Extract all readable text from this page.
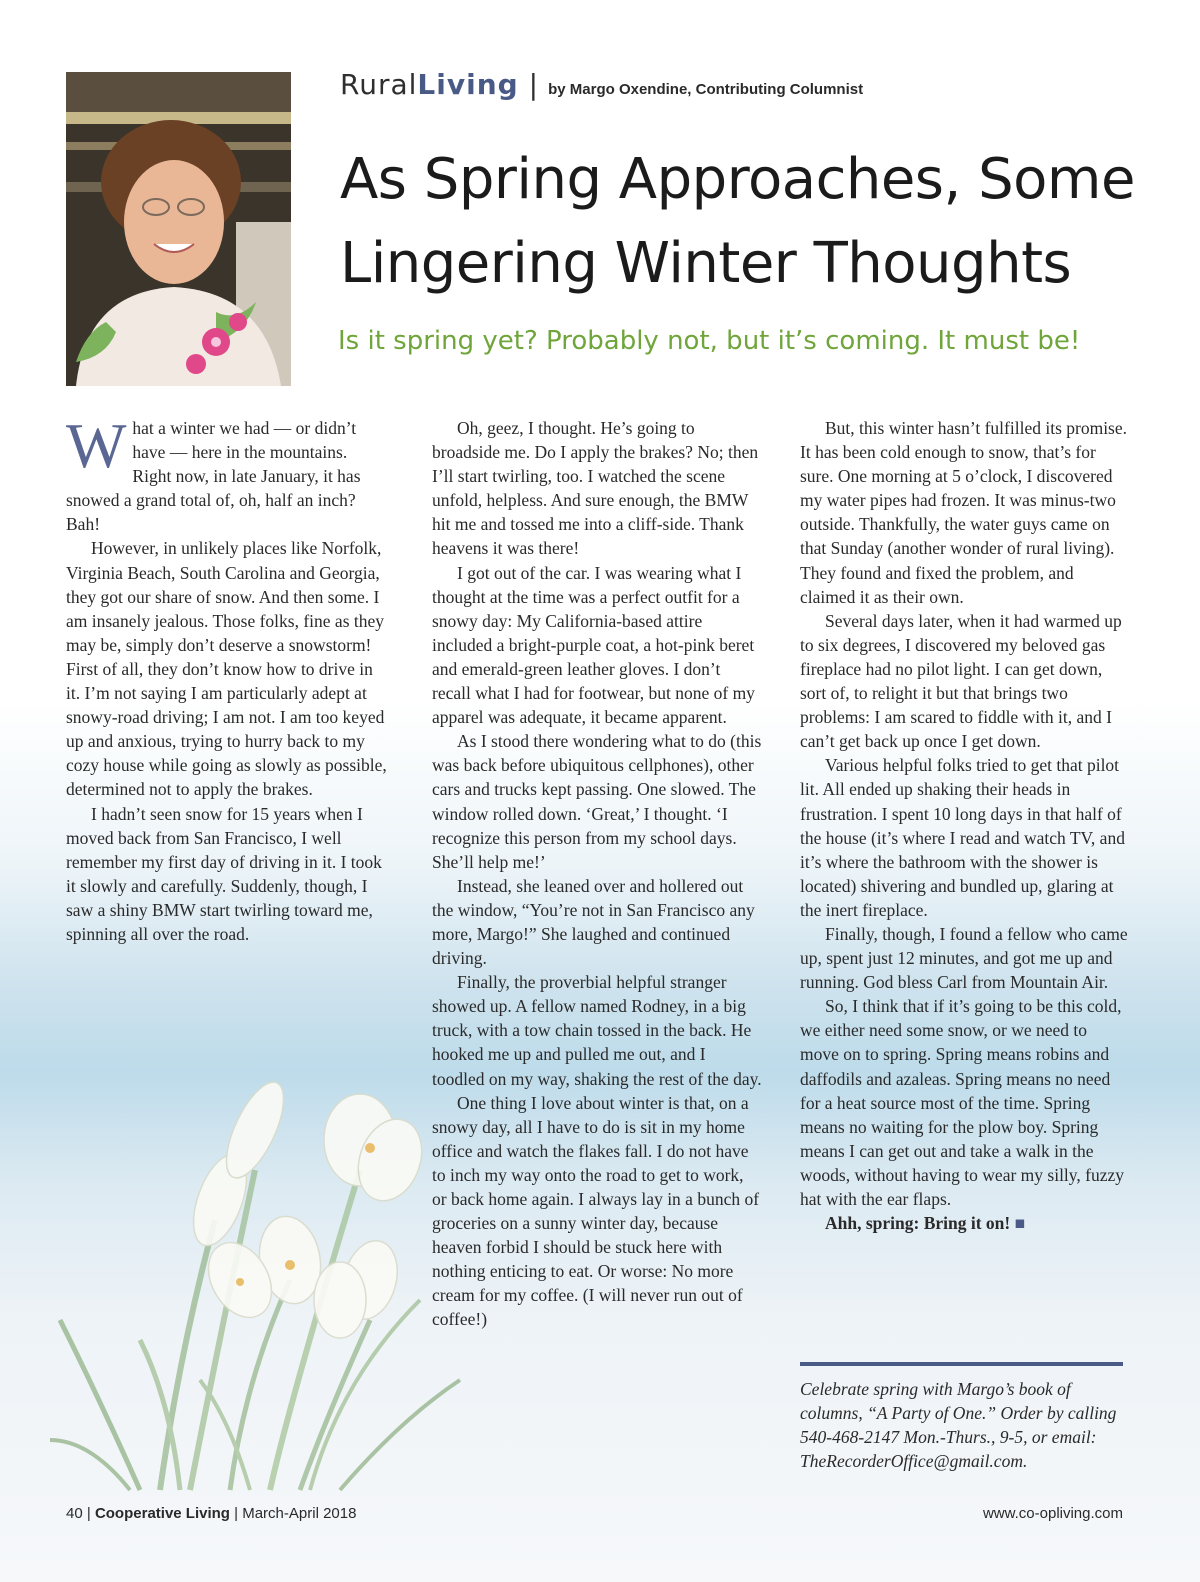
RuralLiving | by Margo Oxendine, Contributing Columnist
As Spring Approaches, Some Lingering Winter Thoughts

Is it spring yet? Probably not, but it’s coming. It must be!

What a winter we had — or didn’t have — here in the mountains. Right now, in late January, it has snowed a grand total of, oh, half an inch? Bah!

However, in unlikely places like Norfolk, Virginia Beach, South Carolina and Georgia, they got our share of snow. And then some. I am insanely jealous. Those folks, fine as they may be, simply don’t deserve a snowstorm! First of all, they don’t know how to drive in it. I’m not saying I am particularly adept at snowy-road driving; I am not. I am too keyed up and anxious, trying to hurry back to my cozy house while going as slowly as possible, determined not to apply the brakes.

I hadn’t seen snow for 15 years when I moved back from San Francisco, I well remember my first day of driving in it. I took it slowly and carefully. Suddenly, though, I saw a shiny BMW start twirling toward me, spinning all over the road.

Oh, geez, I thought. He’s going to broadside me. Do I apply the brakes? No; then I’ll start twirling, too. I watched the scene unfold, helpless. And sure enough, the BMW hit me and tossed me into a cliff-side. Thank heavens it was there!

I got out of the car. I was wearing what I thought at the time was a perfect outfit for a snowy day: My California-based attire included a bright-purple coat, a hot-pink beret and emerald-green leather gloves. I don’t recall what I had for footwear, but none of my apparel was adequate, it became apparent.

As I stood there wondering what to do (this was back before ubiquitous cellphones), other cars and trucks kept passing. One slowed. The window rolled down. ‘Great,’ I thought. ‘I recognize this person from my school days. She’ll help me!’

Instead, she leaned over and hollered out the window, “You’re not in San Francisco any more, Margo!” She laughed and continued driving.

Finally, the proverbial helpful stranger showed up. A fellow named Rodney, in a big truck, with a tow chain tossed in the back. He hooked me up and pulled me out, and I toodled on my way, shaking the rest of the day.

One thing I love about winter is that, on a snowy day, all I have to do is sit in my home office and watch the flakes fall. I do not have to inch my way onto the road to get to work, or back home again. I always lay in a bunch of groceries on a sunny winter day, because heaven forbid I should be stuck here with nothing enticing to eat. Or worse: No more cream for my coffee. (I will never run out of coffee!)

But, this winter hasn’t fulfilled its promise. It has been cold enough to snow, that’s for sure. One morning at 5 o’clock, I discovered my water pipes had frozen. It was minus-two outside. Thankfully, the water guys came on that Sunday (another wonder of rural living). They found and fixed the problem, and claimed it as their own.

Several days later, when it had warmed up to six degrees, I discovered my beloved gas fireplace had no pilot light. I can get down, sort of, to relight it but that brings two problems: I am scared to fiddle with it, and I can’t get back up once I get down.

Various helpful folks tried to get that pilot lit. All ended up shaking their heads in frustration. I spent 10 long days in that half of the house (it’s where I read and watch TV, and it’s where the bathroom with the shower is located) shivering and bundled up, glaring at the inert fireplace.

Finally, though, I found a fellow who came up, spent just 12 minutes, and got me up and running. God bless Carl from Mountain Air.

So, I think that if it’s going to be this cold, we either need some snow, or we need to move on to spring. Spring means robins and daffodils and azaleas. Spring means no need for a heat source most of the time. Spring means no waiting for the plow boy. Spring means I can get out and take a walk in the woods, without having to wear my silly, fuzzy hat with the ear flaps.

Ahh, spring: Bring it on! ■

Celebrate spring with Margo’s book of columns, “A Party of One.” Order by calling 540-468-2147 Mon.-Thurs., 9-5, or email: TheRecorderOffice@gmail.com.
40 | Cooperative Living | March-April 2018	www.co-opliving.com
